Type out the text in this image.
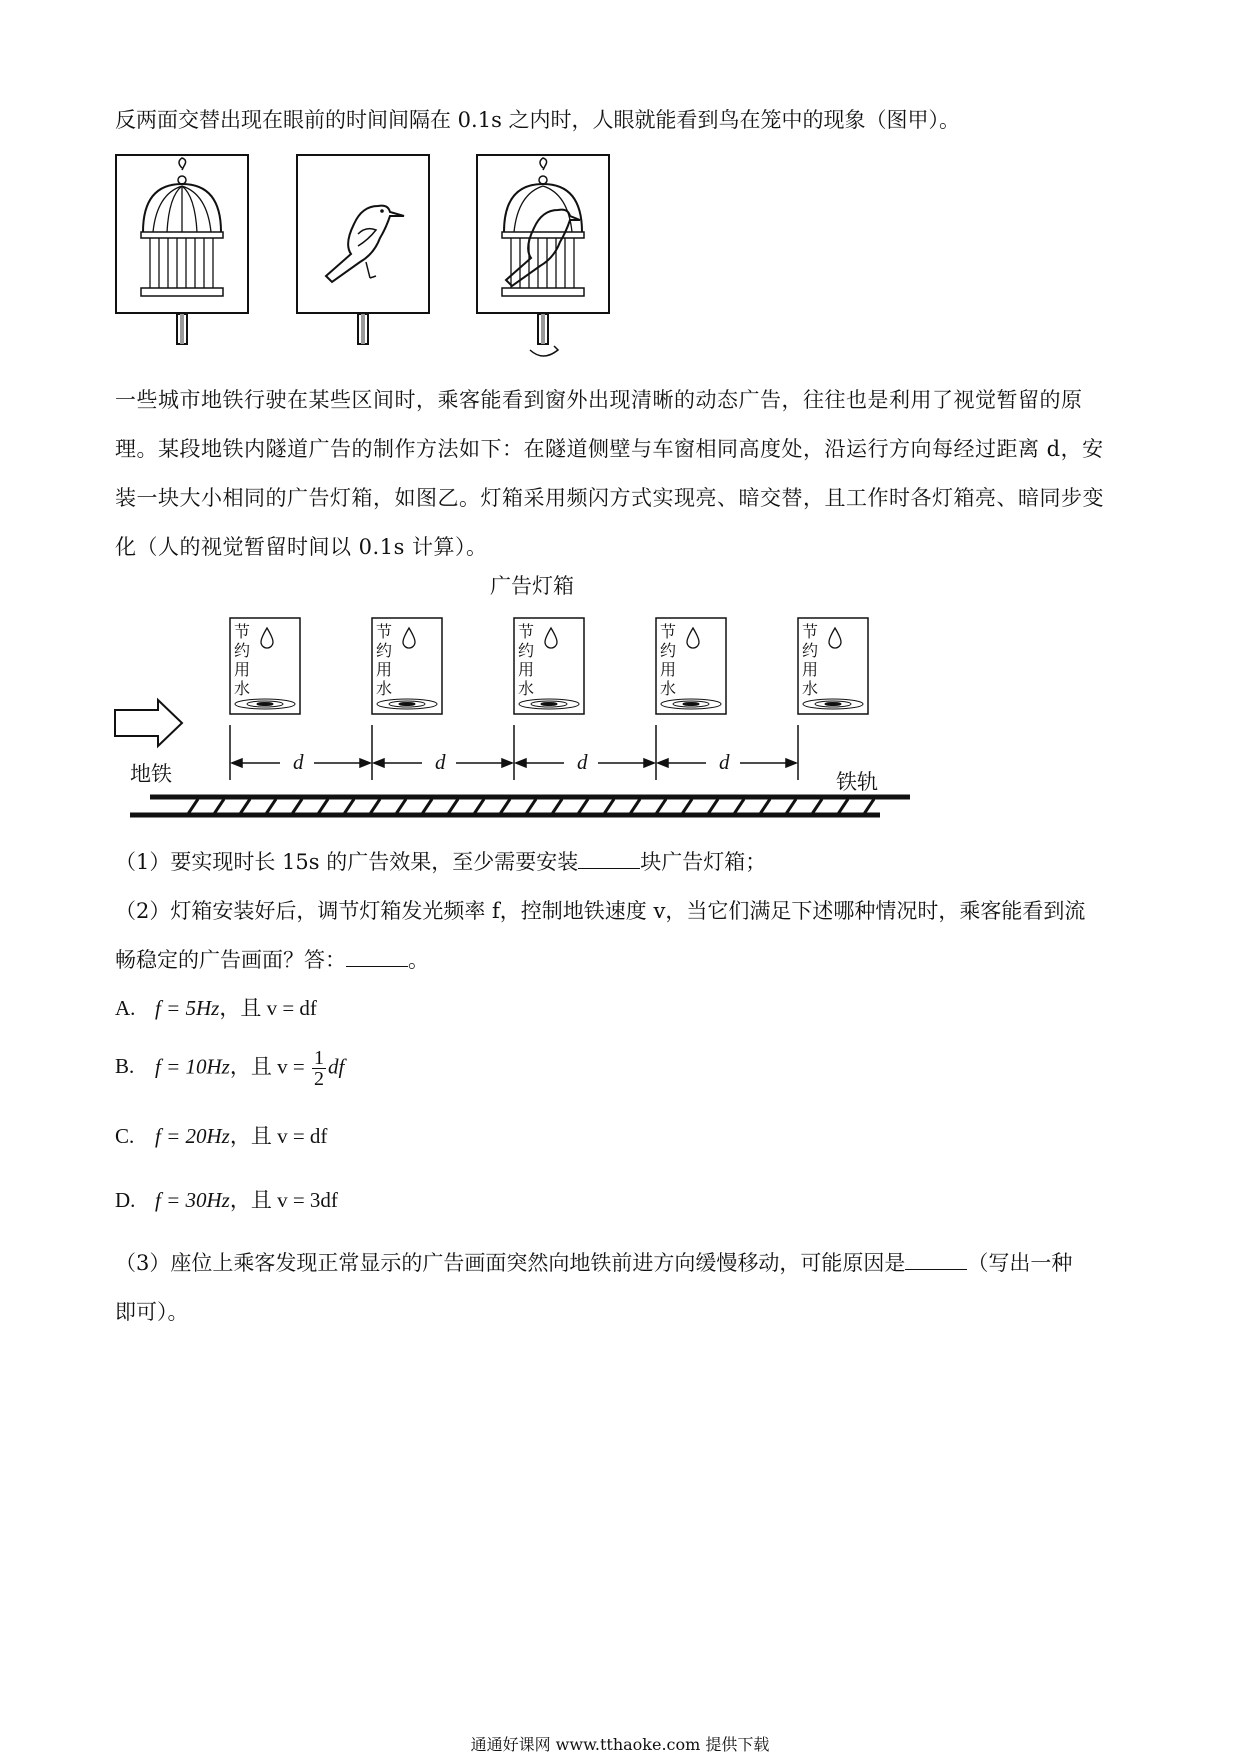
反两面交替出现在眼前的时间间隔在 0.1s 之内时，人眼就能看到鸟在笼中的现象（图甲）。
一些城市地铁行驶在某些区间时，乘客能看到窗外出现清晰的动态广告，往往也是利用了视觉暂留的原理。某段地铁内隧道广告的制作方法如下：在隧道侧壁与车窗相同高度处，沿运行方向每经过距离 d，安装一块大小相同的广告灯箱，如图乙。灯箱采用频闪方式实现亮、暗交替，且工作时各灯箱亮、暗同步变化（人的视觉暂留时间以 0.1s 计算）。
广告灯箱
节
约
用
水
节
约
用
水
节
约
用
水
节
约
用
水
节
约
用
水
d	d	d	d
地铁	铁轨
（1）要实现时长 15s 的广告效果，至少需要安装	块广告灯箱；
（2）灯箱安装好后，调节灯箱发光频率 f，控制地铁速度 v，当它们满足下述哪种情况时，乘客能看到流
畅稳定的广告画面？答：	。
A. f = 5Hz，且 v = df
B. f = 10Hz，且 $v = \frac{1}{2}$ df
C. f = 20Hz，且 v = df
D. f = 30Hz，且 v = 3df
（3）座位上乘客发现正常显示的广告画面突然向地铁前进方向缓慢移动，可能原因是	（写出一种
即可）。
通通好课网 www.tthaoke.com 提供下载
